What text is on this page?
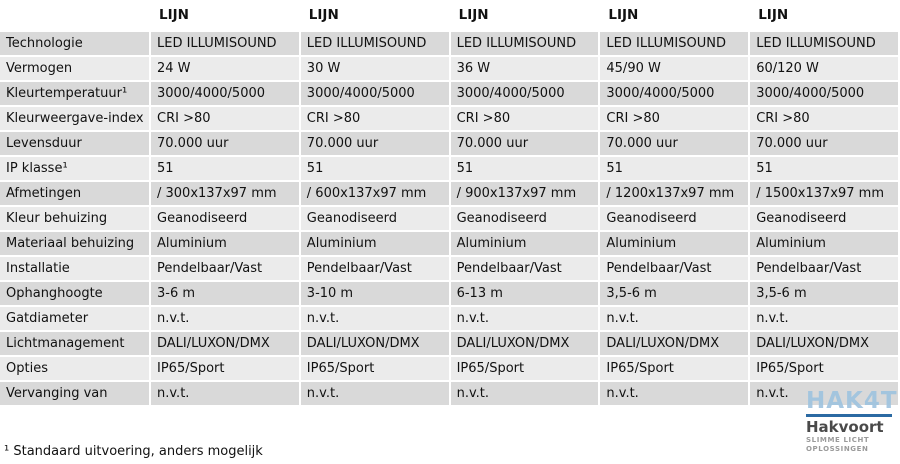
	LIJN	LIJN	LIJN	LIJN	LIJN
Technologie	LED ILLUMISOUND	LED ILLUMISOUND	LED ILLUMISOUND	LED ILLUMISOUND	LED ILLUMISOUND
Vermogen	24 W	30 W	36 W	45/90 W	60/120 W
Kleurtemperatuur¹	3000/4000/5000	3000/4000/5000	3000/4000/5000	3000/4000/5000	3000/4000/5000
Kleurweergave-index	CRI >80	CRI >80	CRI >80	CRI >80	CRI >80
Levensduur	70.000 uur	70.000 uur	70.000 uur	70.000 uur	70.000 uur
IP klasse¹	51	51	51	51	51
Afmetingen	/ 300x137x97 mm	/ 600x137x97 mm	/ 900x137x97 mm	/ 1200x137x97 mm	/ 1500x137x97 mm
Kleur behuizing	Geanodiseerd	Geanodiseerd	Geanodiseerd	Geanodiseerd	Geanodiseerd
Materiaal behuizing	Aluminium	Aluminium	Aluminium	Aluminium	Aluminium
Installatie	Pendelbaar/Vast	Pendelbaar/Vast	Pendelbaar/Vast	Pendelbaar/Vast	Pendelbaar/Vast
Ophanghoogte	3-6 m	3-10 m	6-13 m	3,5-6 m	3,5-6 m
Gatdiameter	n.v.t.	n.v.t.	n.v.t.	n.v.t.	n.v.t.
Lichtmanagement	DALI/LUXON/DMX	DALI/LUXON/DMX	DALI/LUXON/DMX	DALI/LUXON/DMX	DALI/LUXON/DMX
Opties	IP65/Sport	IP65/Sport	IP65/Sport	IP65/Sport	IP65/Sport
Vervanging van	n.v.t.	n.v.t.	n.v.t.	n.v.t.	n.v.t.
¹ Standaard uitvoering, anders mogelijk
HAK4T
Hakvoort
SLIMME LICHT
OPLOSSINGEN
